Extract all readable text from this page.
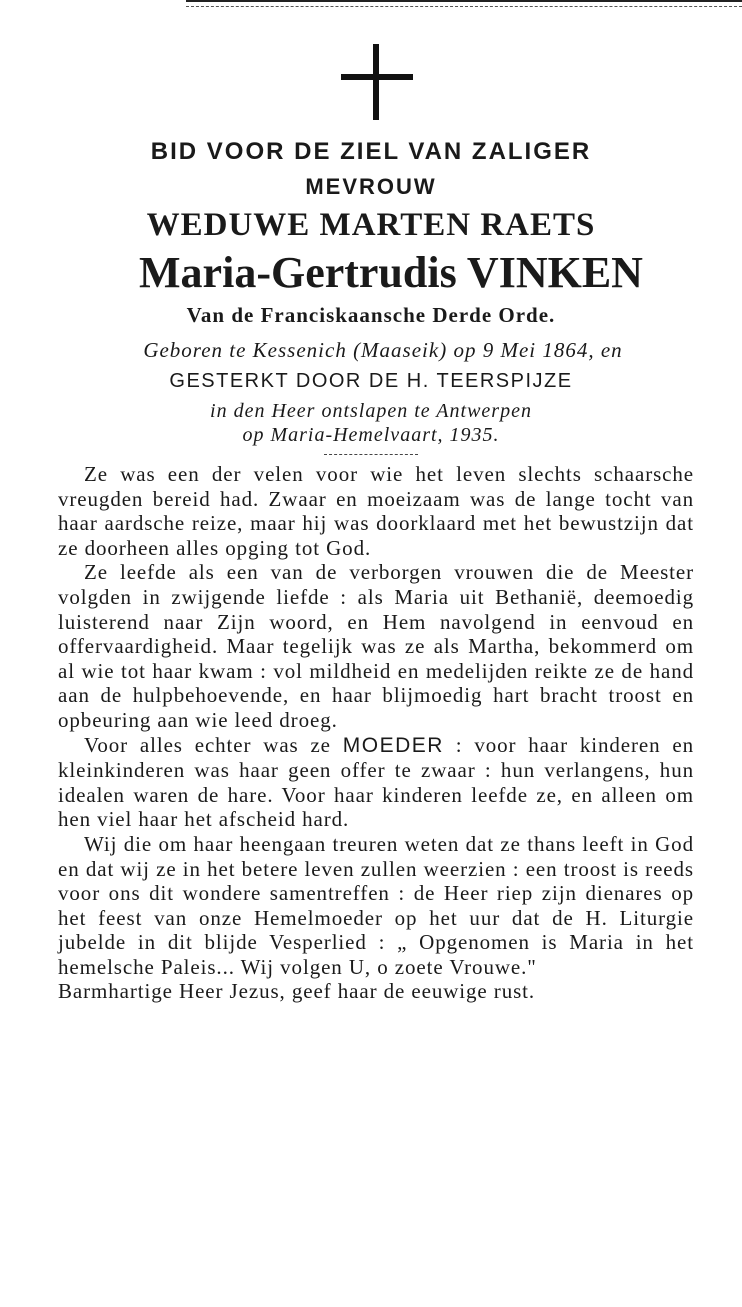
BID VOOR DE ZIEL VAN ZALIGER
MEVROUW
WEDUWE MARTEN RAETS
Maria-Gertrudis VINKEN
Van de Franciskaansche Derde Orde.
Geboren te Kessenich (Maaseik) op 9 Mei 1864, en
GESTERKT DOOR DE H. TEERSPIJZE
in den Heer ontslapen te Antwerpen
op Maria-Hemelvaart, 1935.

Ze was een der velen voor wie het leven slechts schaarsche vreugden bereid had. Zwaar en moeizaam was de lange tocht van haar aardsche reize, maar hij was doorklaard met het bewustzijn dat ze doorheen alles opging tot God.

Ze leefde als een van de verborgen vrouwen die de Meester volgden in zwijgende liefde : als Maria uit Bethanië, deemoedig luisterend naar Zijn woord, en Hem navolgend in eenvoud en offervaardigheid. Maar tegelijk was ze als Martha, bekommerd om al wie tot haar kwam : vol mildheid en medelijden reikte ze de hand aan de hulpbehoevende, en haar blijmoedig hart bracht troost en opbeuring aan wie leed droeg.

Voor alles echter was ze MOEDER : voor haar kinderen en kleinkinderen was haar geen offer te zwaar : hun verlangens, hun idealen waren de hare. Voor haar kinderen leefde ze, en alleen om hen viel haar het afscheid hard.

Wij die om haar heengaan treuren weten dat ze thans leeft in God en dat wij ze in het betere leven zullen weerzien : een troost is reeds voor ons dit wondere samentreffen : de Heer riep zijn dienares op het feest van onze Hemelmoeder op het uur dat de H. Liturgie jubelde in dit blijde Vesperlied : „ Opgenomen is Maria in het hemelsche Paleis... Wij volgen U, o zoete Vrouwe."

Barmhartige Heer Jezus, geef haar de eeuwige rust.
